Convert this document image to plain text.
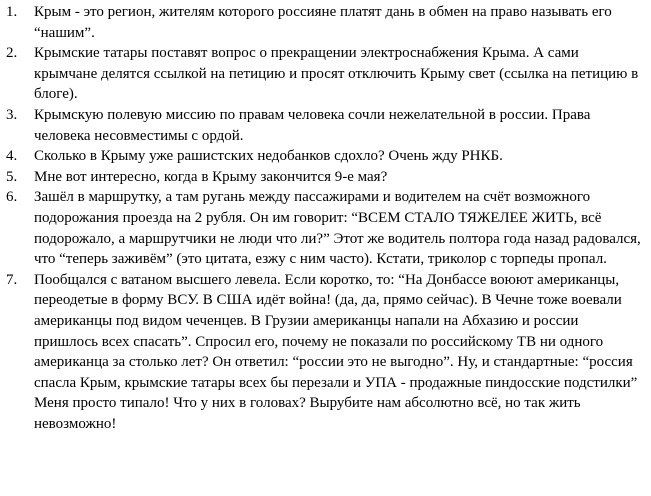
1.	Крым - это регион, жителям которого россияне платят дань в обмен на право называть его “нашим”.
2.	Крымские татары поставят вопрос о прекращении электроснабжения Крыма. А сами крымчане делятся ссылкой на петицию и просят отключить Крыму свет (ссылка на петицию в блоге).
3.	Крымскую полевую миссию по правам человека сочли нежелательной в россии. Права человека несовместимы с ордой.
4.	Сколько в Крыму уже рашистских недобанков сдохло? Очень жду РНКБ.
5.	Мне вот интересно, когда в Крыму закончится 9-е мая?
6.	Зашёл в маршрутку, а там ругань между пассажирами и водителем на счёт возможного подорожания проезда на 2 рубля. Он им говорит: “ВСЕМ СТАЛО ТЯЖЕЛЕЕ ЖИТЬ, всё подорожало, а маршрутчики не люди что ли?” Этот же водитель полтора года назад радовался, что “теперь заживём” (это цитата, езжу с ним часто). Кстати, триколор с торпеды пропал.
7.	Пообщался с ватаном высшего левела. Если коротко, то: “На Донбассе воюют американцы, переодетые в форму ВСУ. В США идёт война! (да, да, прямо сейчас). В Чечне тоже воевали американцы под видом чеченцев. В Грузии американцы напали на Абхазию и россии пришлось всех спасать”. Спросил его, почему не показали по российскому ТВ ни одного американца за столько лет? Он ответил: “россии это не выгодно”. Ну, и стандартные: “россия спасла Крым, крымские татары всех бы перезали и УПА - продажные пиндосские подстилки” Меня просто типало! Что у них в головах? Вырубите нам абсолютно всё, но так жить невозможно!
